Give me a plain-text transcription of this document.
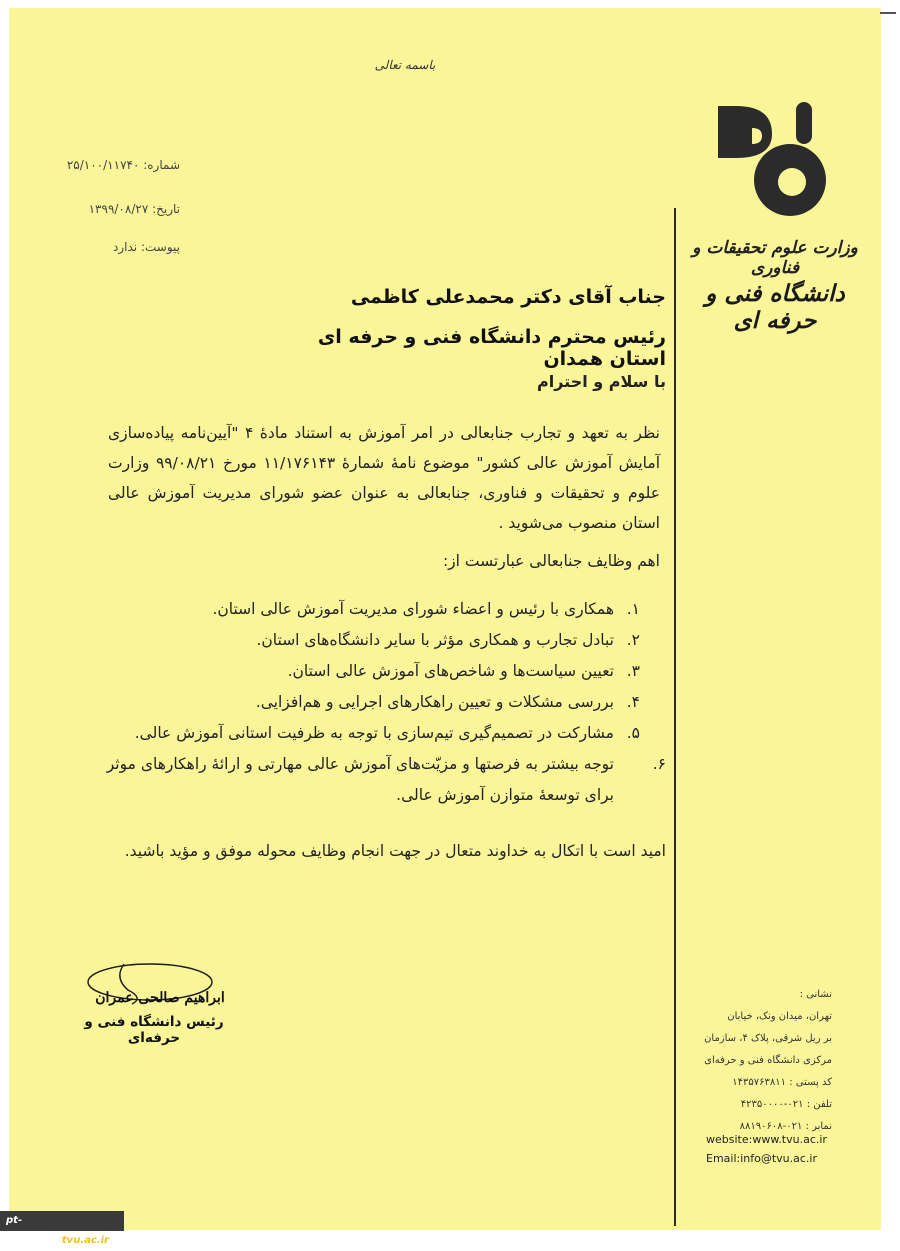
باسمه تعالی
وزارت علوم تحقیقات و فناوری
دانشگاه فنی و حرفه ای
شماره: ۲۵/۱۰۰/۱۱۷۴۰
تاریخ: ۱۳۹۹/۰۸/۲۷
پیوست: ندارد
جناب آقای دکتر محمدعلی کاظمی
رئیس محترم دانشگاه فنی و حرفه ای استان همدان
با سلام و احترام
نظر به تعهد و تجارب جنابعالی در امر آموزش به استناد مادهٔ ۴ "آیین‌نامه پیاده‌سازی آمایش آموزش عالی کشور" موضوع نامهٔ شمارهٔ ۱۱/۱۷۶۱۴۳ مورخ ۹۹/۰۸/۲۱ وزارت علوم و تحقیقات و فناوری، جنابعالی به عنوان عضو شورای مدیریت آموزش عالی استان منصوب می‌شوید .
اهم وظایف جنابعالی عبارتست از:
۱.همکاری با رئیس و اعضاء شورای مدیریت آموزش عالی استان.
۲.تبادل تجارب و همکاری مؤثر با سایر دانشگاه‌های استان.
۳.تعیین سیاست‌ها و شاخص‌های آموزش عالی استان.
۴.بررسی مشکلات و تعیین راهکارهای اجرایی و هم‌افزایی.
۵.مشارکت در تصمیم‌گیری تیم‌سازی با توجه به ظرفیت استانی آموزش عالی.
۶.توجه بیشتر به فرصتها و مزیّت‌های آموزش عالی مهارتی و ارائهٔ راهکارهای موثر برای توسعهٔ متوازن آموزش عالی.
امید است با اتکال به خداوند متعال در جهت انجام وظایف محوله موفق و مؤید باشید.
ابراهیم صالحی عمران
رئیس دانشگاه فنی و حرفه‌ای
نشانی :
تهران، میدان ونک، خیابان
بر ریل شرقی، پلاک ۴، سازمان
مرکزی دانشگاه فنی و حرفه‌ای
کد پستی : ۱۴۳۵۷۶۳۸۱۱
تلفن : ۰۲۱-۴۲۳۵۰۰۰۰
نمابر : ۰۲۱-۸۸۱۹۰۶۰۸
website:www.tvu.ac.ir
Email:info@tvu.ac.ir
pt-hamedan.tvu.ac.ir
